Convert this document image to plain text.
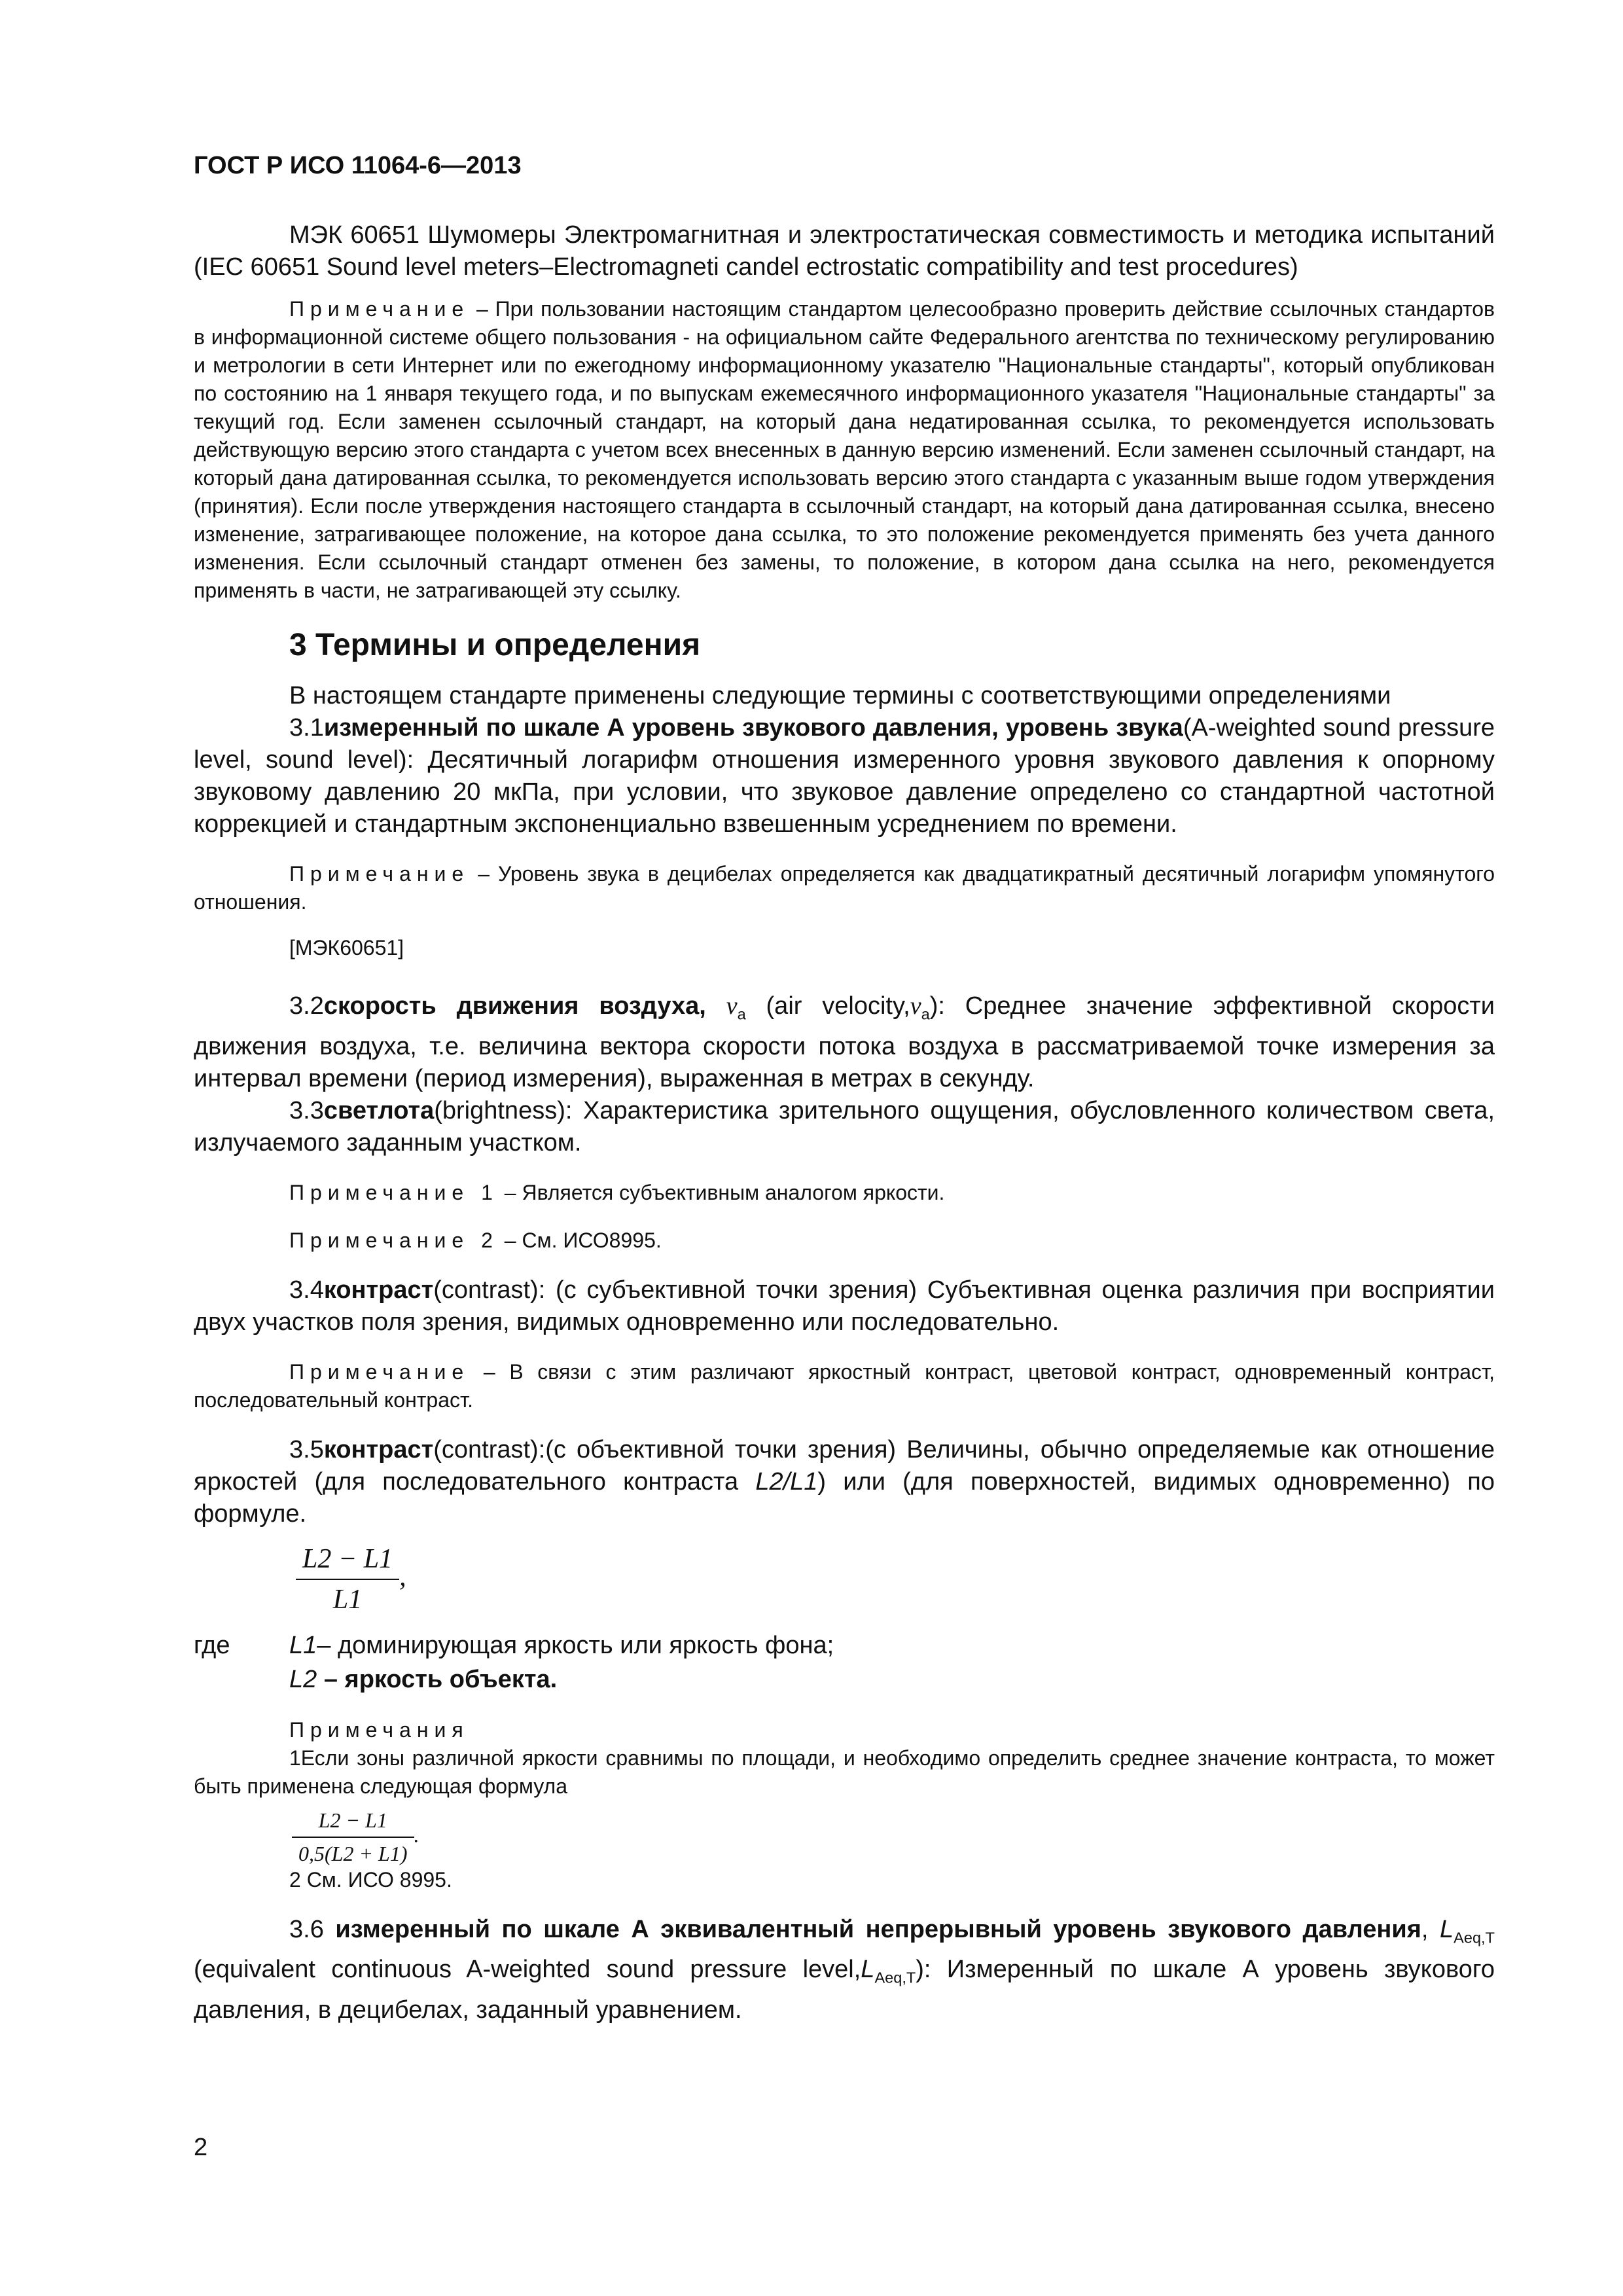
ГОСТ Р ИСО 11064-6—2013

МЭК 60651 Шумомеры Электромагнитная и электростатическая совместимость и методика испытаний (IEC 60651 Sound level meters–Electromagneti candel ectrostatic compatibility and test procedures)

Примечание – При пользовании настоящим стандартом целесообразно проверить действие ссылочных стандартов в информационной системе общего пользования - на официальном сайте Федерального агентства по техническому регулированию и метрологии в сети Интернет или по ежегодному информационному указателю "Национальные стандарты", который опубликован по состоянию на 1 января текущего года, и по выпускам ежемесячного информационного указателя "Национальные стандарты" за текущий год. Если заменен ссылочный стандарт, на который дана недатированная ссылка, то рекомендуется использовать действующую версию этого стандарта с учетом всех внесенных в данную версию изменений. Если заменен ссылочный стандарт, на который дана датированная ссылка, то рекомендуется использовать версию этого стандарта с указанным выше годом утверждения (принятия). Если после утверждения настоящего стандарта в ссылочный стандарт, на который дана датированная ссылка, внесено изменение, затрагивающее положение, на которое дана ссылка, то это положение рекомендуется применять без учета данного изменения. Если ссылочный стандарт отменен без замены, то положение, в котором дана ссылка на него, рекомендуется применять в части, не затрагивающей эту ссылку.

3 Термины и определения

В настоящем стандарте применены следующие термины с соответствующими определениями

3.1измеренный по шкале А уровень звукового давления, уровень звука(A-weighted sound pressure level, sound level): Десятичный логарифм отношения измеренного уровня звукового давления к опорному звуковому давлению 20 мкПа, при условии, что звуковое давление определено со стандартной частотной коррекцией и стандартным экспоненциально взвешенным усреднением по времени.

Примечание – Уровень звука в децибелах определяется как двадцатикратный десятичный логарифм упомянутого отношения.

[МЭК60651]

3.2скорость движения воздуха, $\nu_a$ (air $velocity,\nu_a$): Среднее значение эффективной скорости движения воздуха, т.е. величина вектора скорости потока воздуха в рассматриваемой точке измерения за интервал времени (период измерения), выраженная в метрах в секунду.

3.3светлота(brightness): Характеристика зрительного ощущения, обусловленного количеством света, излучаемого заданным участком.

Примечание 1 – Является субъективным аналогом яркости.

Примечание 2 – См. ИСО8995.

3.4контраст(contrast): (с субъективной точки зрения) Субъективная оценка различия при восприятии двух участков поля зрения, видимых одновременно или последовательно.

Примечание – В связи с этим различают яркостный контраст, цветовой контраст, одновременный контраст, последовательный контраст.

3.5контраст(contrast):(с объективной точки зрения) Величины, обычно определяемые как отношение яркостей (для последовательного контраста L2/L1) или (для поверхностей, видимых одновременно) по формуле.

$\frac{L2 - L1}{L1}$ ,
где L1– доминирующая яркость или яркость фона;
L2 – яркость объекта.

Примечания

1Если зоны различной яркости сравнимы по площади, и необходимо определить среднее значение контраста, то может быть применена следующая формула

$\frac{L2 - L1}{0,5(L2 + L1)}$ .

2 См. ИСО 8995.

3.6 измеренный по шкале А эквивалентный непрерывный уровень звукового давления, $L_{Aeq,T}$ (equivalent continuous A-weighted sound pressure $level,L_{Aeq,T}$): Измеренный по шкале А уровень звукового давления, в децибелах, заданный уравнением.

2
